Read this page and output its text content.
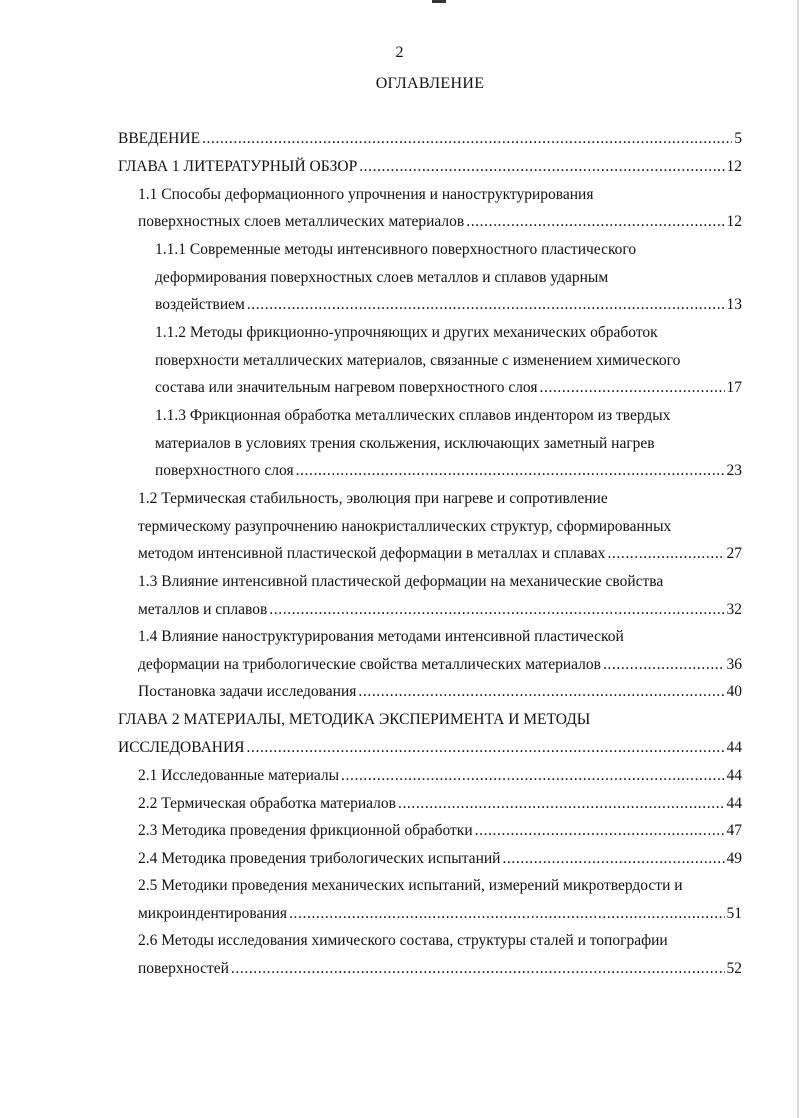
2
ОГЛАВЛЕНИЕ
ВВЕДЕНИЕ .....	5
ГЛАВА 1 ЛИТЕРАТУРНЫЙ ОБЗОР .....	12
1.1 Способы деформационного упрочнения и наноструктурирования
поверхностных слоев металлических материалов .....	12
1.1.1 Современные методы интенсивного поверхностного пластического
деформирования поверхностных слоев металлов и сплавов ударным
воздействием .....	13
1.1.2 Методы фрикционно-упрочняющих и других механических обработок
поверхности металлических материалов, связанные с изменением химического
состава или значительным нагревом поверхностного слоя .....	17
1.1.3 Фрикционная обработка металлических сплавов индентором из твердых
материалов в условиях трения скольжения, исключающих заметный нагрев
поверхностного слоя .....	23
1.2 Термическая стабильность, эволюция при нагреве и сопротивление
термическому разупрочнению нанокристаллических структур, сформированных
методом интенсивной пластической деформации в металлах и сплавах .....	27
1.3 Влияние интенсивной пластической деформации на механические свойства
металлов и сплавов .....	32
1.4 Влияние наноструктурирования методами интенсивной пластической
деформации на трибологические свойства металлических материалов .....	36
Постановка задачи исследования .....	40
ГЛАВА 2 МАТЕРИАЛЫ, МЕТОДИКА ЭКСПЕРИМЕНТА И МЕТОДЫ
ИССЛЕДОВАНИЯ .....	44
2.1 Исследованные материалы .....	44
2.2 Термическая обработка материалов .....	44
2.3 Методика проведения фрикционной обработки .....	47
2.4 Методика проведения трибологических испытаний .....	49
2.5 Методики проведения механических испытаний, измерений микротвердости и
микроиндентирования .....	51
2.6 Методы исследования химического состава, структуры сталей и топографии
поверхностей .....	52
